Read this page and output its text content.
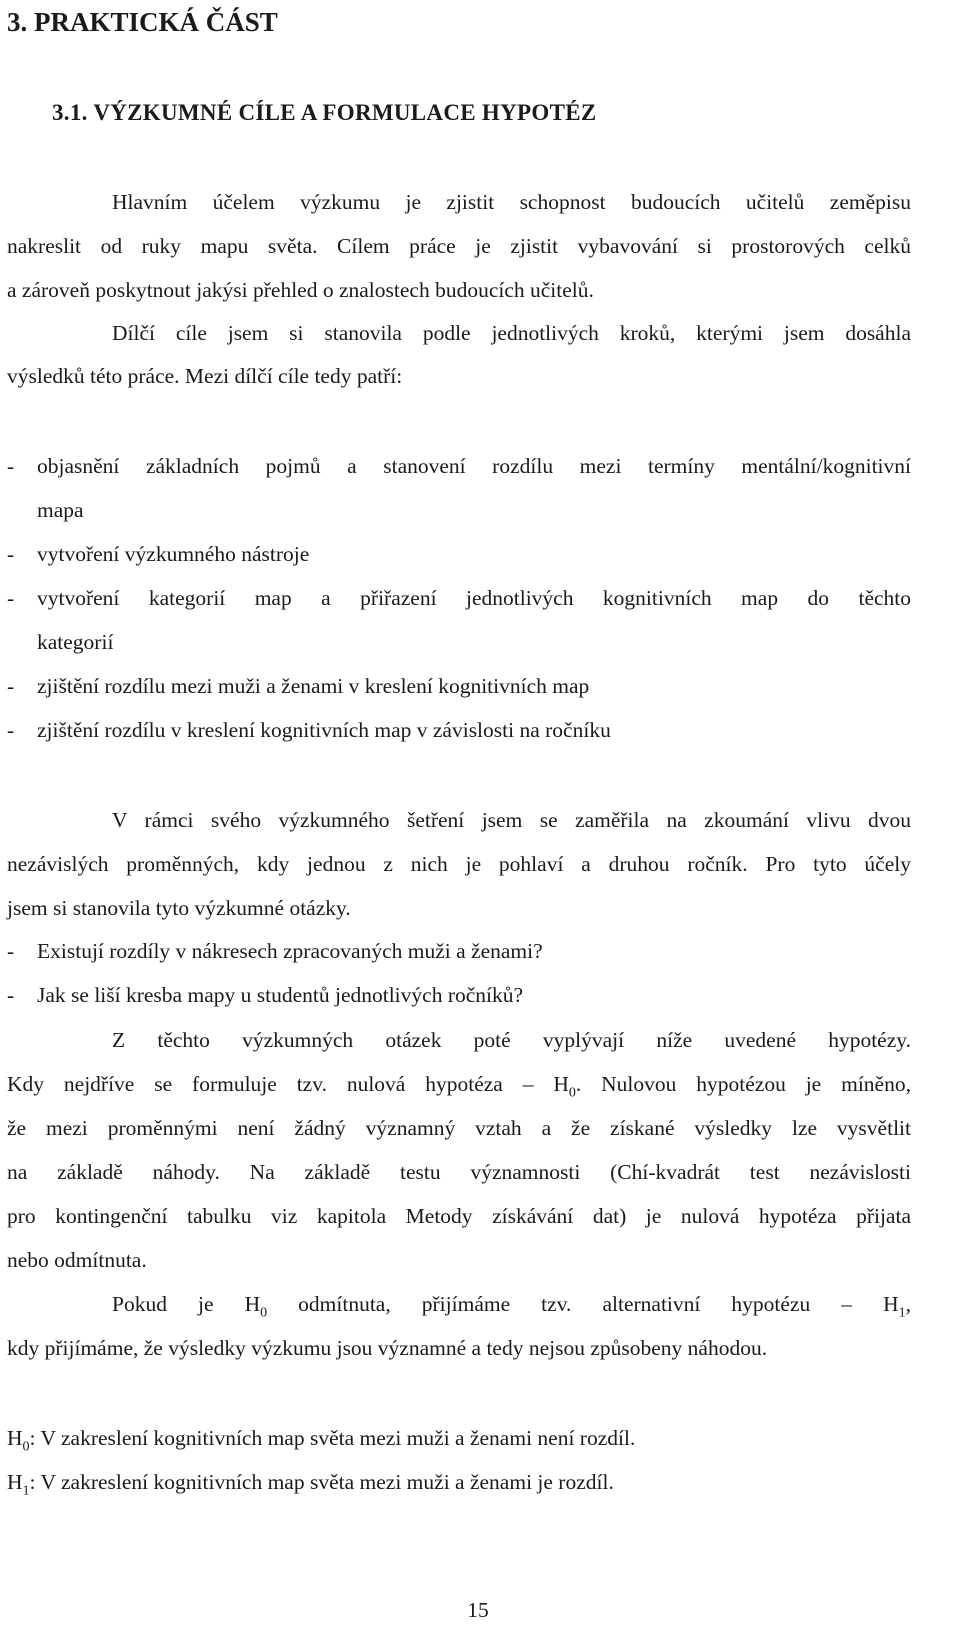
3. PRAKTICKÁ ČÁST
3.1. VÝZKUMNÉ CÍLE A FORMULACE HYPOTÉZ
Hlavním účelem výzkumu je zjistit schopnost budoucích učitelů zeměpisu
nakreslit od ruky mapu světa. Cílem práce je zjistit vybavování si prostorových celků
a zároveň poskytnout jakýsi přehled o znalostech budoucích učitelů.
Dílčí cíle jsem si stanovila podle jednotlivých kroků, kterými jsem dosáhla
výsledků této práce. Mezi dílčí cíle tedy patří:
- objasnění základních pojmů a stanovení rozdílu mezi termíny mentální/kognitivní
mapa
- vytvoření výzkumného nástroje
- vytvoření kategorií map a přiřazení jednotlivých kognitivních map do těchto
kategorií
- zjištění rozdílu mezi muži a ženami v kreslení kognitivních map
- zjištění rozdílu v kreslení kognitivních map v závislosti na ročníku
V rámci svého výzkumného šetření jsem se zaměřila na zkoumání vlivu dvou
nezávislých proměnných, kdy jednou z nich je pohlaví a druhou ročník. Pro tyto účely
jsem si stanovila tyto výzkumné otázky.
- Existují rozdíly v nákresech zpracovaných muži a ženami?
- Jak se liší kresba mapy u studentů jednotlivých ročníků?
Z těchto výzkumných otázek poté vyplývají níže uvedené hypotézy.
Kdy nejdříve se formuluje tzv. nulová hypotéza – $H_0$. Nulovou hypotézou je míněno,
že mezi proměnnými není žádný významný vztah a že získané výsledky lze vysvětlit
na základě náhody. Na základě testu významnosti (Chí-kvadrát test nezávislosti
pro kontingenční tabulku viz kapitola Metody získávání dat) je nulová hypotéza přijata
nebo odmítnuta.
Pokud je $H_0$ odmítnuta, přijímáme tzv. alternativní hypotézu – $H_1$,
kdy přijímáme, že výsledky výzkumu jsou významné a tedy nejsou způsobeny náhodou.
$H_0$: V zakreslení kognitivních map světa mezi muži a ženami není rozdíl.
$H_1$: V zakreslení kognitivních map světa mezi muži a ženami je rozdíl.
15
